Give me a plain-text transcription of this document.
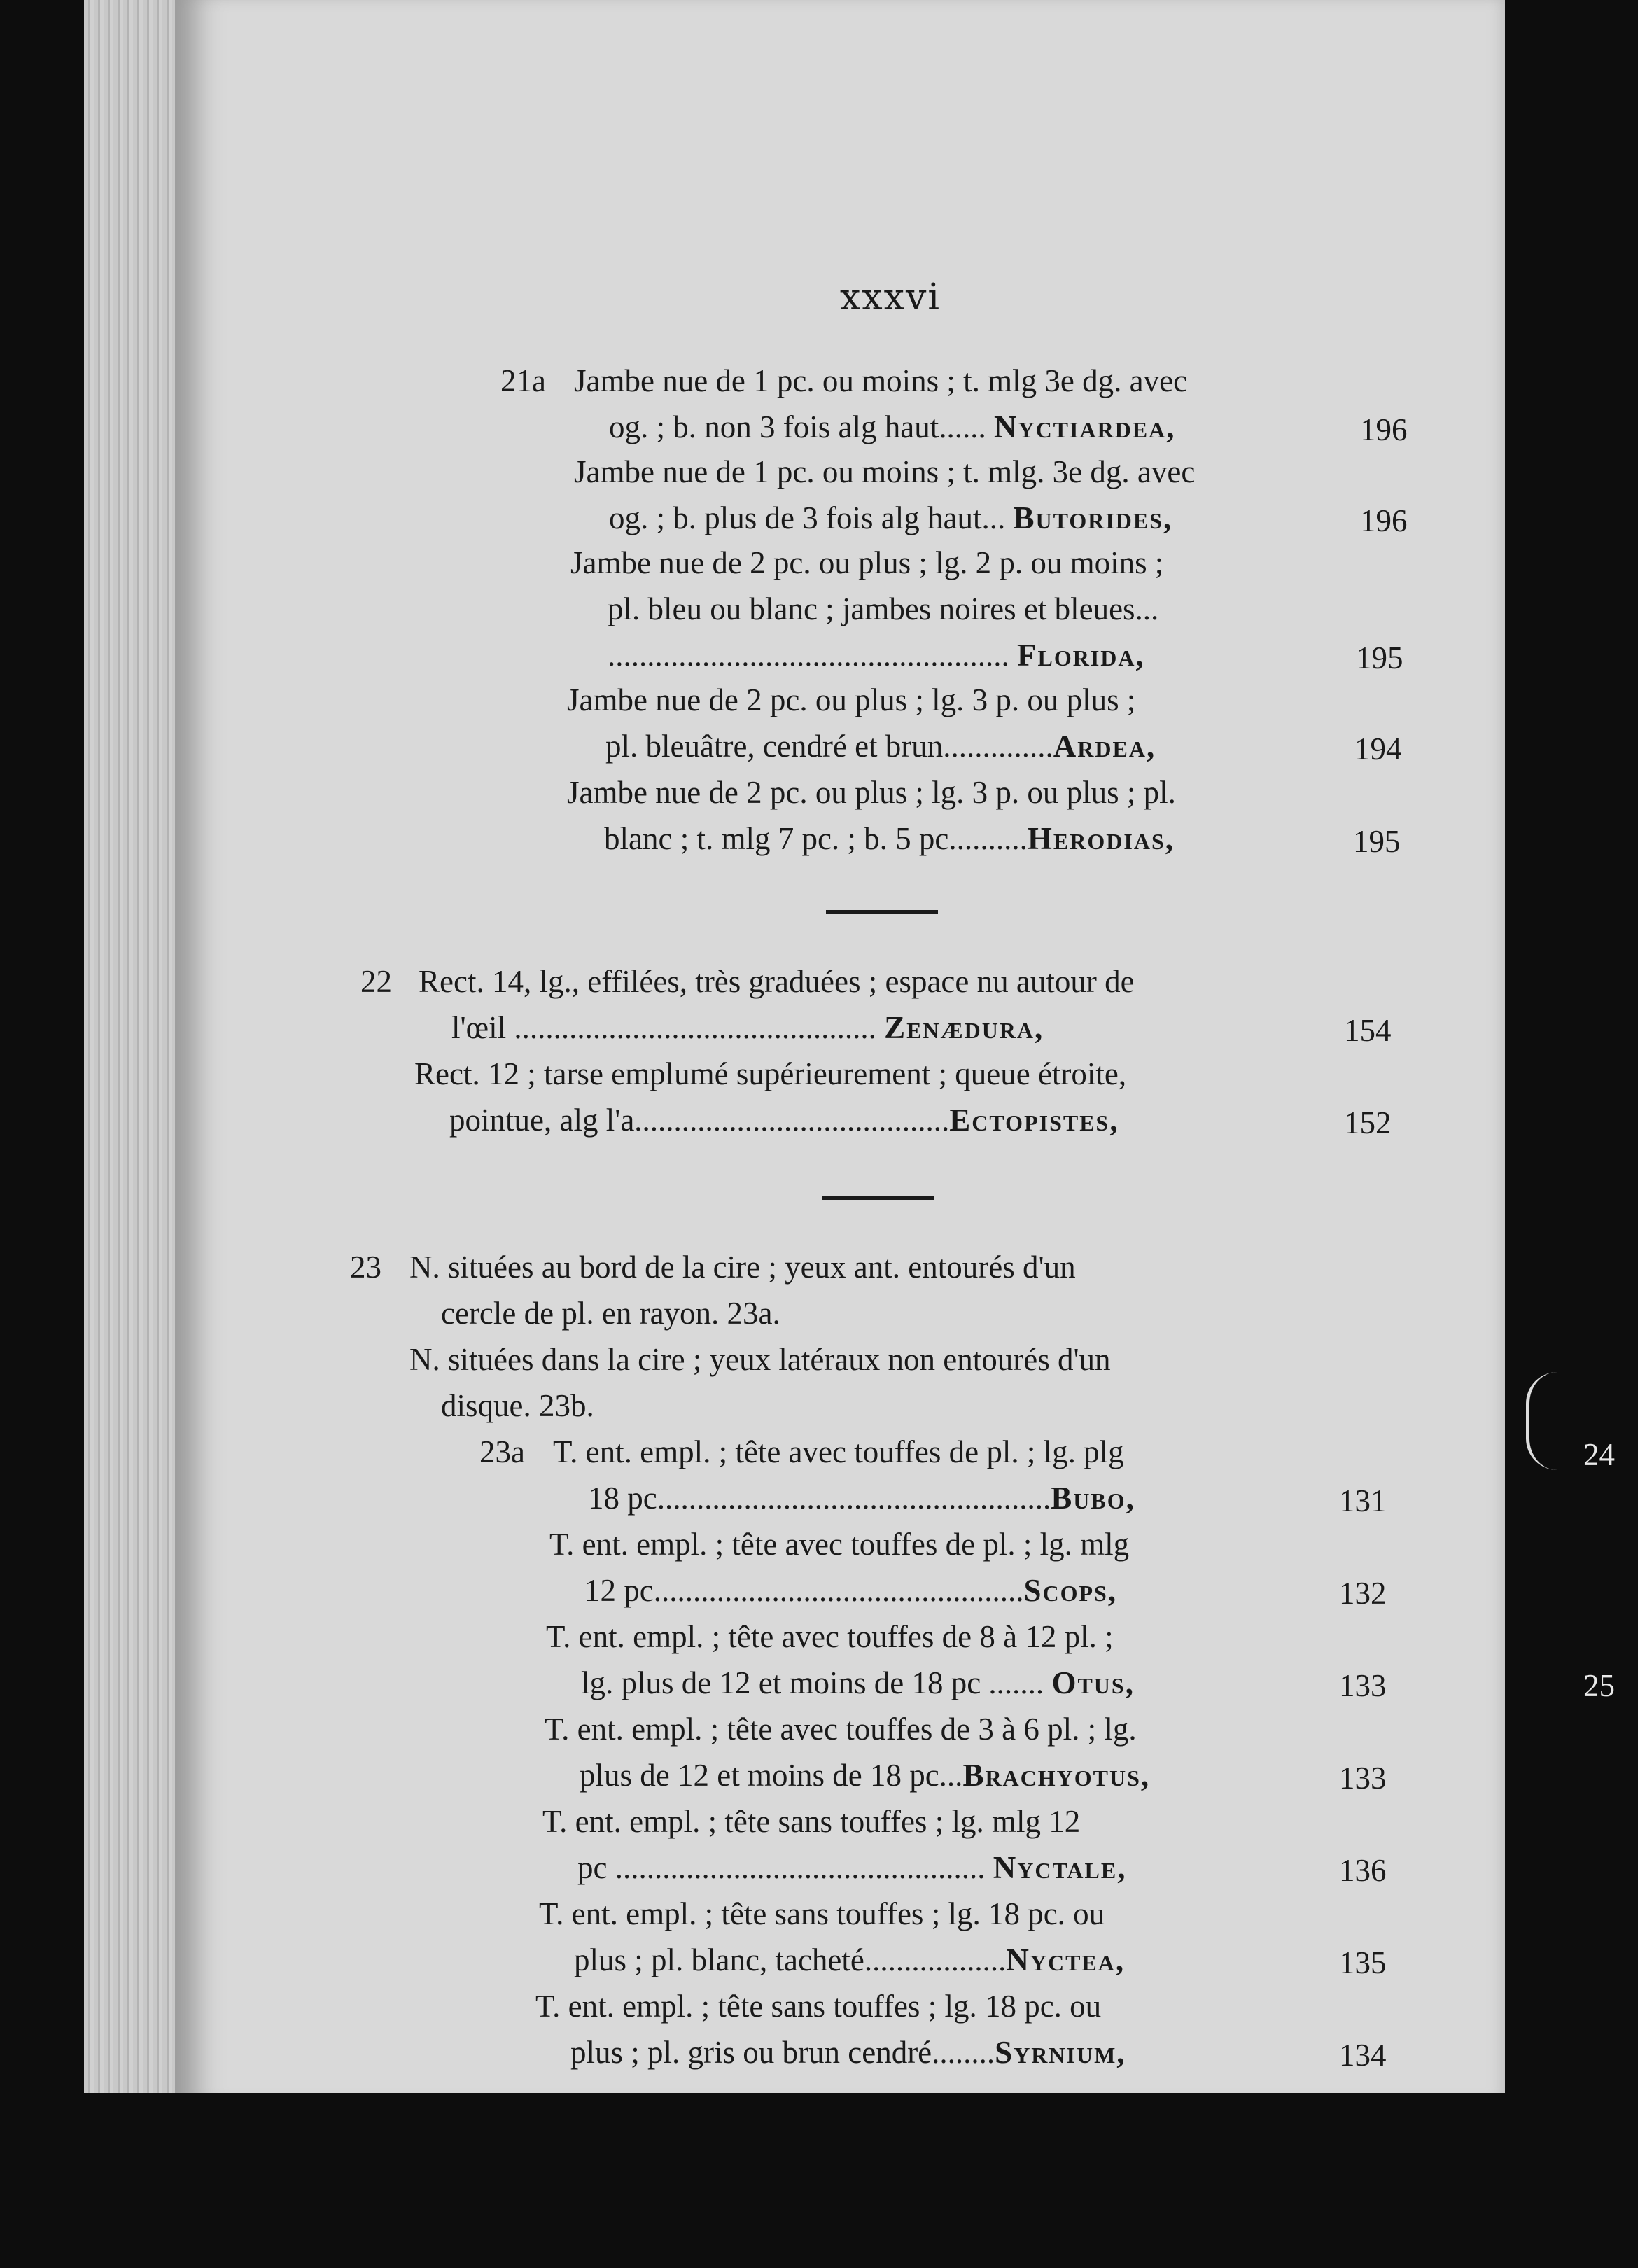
xxxvi
21a Jambe nue de 1 pc. ou moins ; t. mlg 3e dg. avec
og. ; b. non 3 fois alg haut...... Nyctiardea,	196
Jambe nue de 1 pc. ou moins ; t. mlg. 3e dg. avec
og. ; b. plus de 3 fois alg haut... Butorides,	196
Jambe nue de 2 pc. ou plus ; lg. 2 p. ou moins ;
pl. bleu ou blanc ; jambes noires et bleues...
................................................... Florida,	195
Jambe nue de 2 pc. ou plus ; lg. 3 p. ou plus ;
pl. bleuâtre, cendré et brun..............Ardea,	194
Jambe nue de 2 pc. ou plus ; lg. 3 p. ou plus ; pl.
blanc ; t. mlg 7 pc. ; b. 5 pc..........Herodias,	195
22 Rect. 14, lg., effilées, très graduées ; espace nu autour de
l'œil .............................................. Zenædura,	154
Rect. 12 ; tarse emplumé supérieurement ; queue étroite,
pointue, alg l'a........................................Ectopistes,	152
23 N. situées au bord de la cire ; yeux ant. entourés d'un
cercle de pl. en rayon. 23a.
N. situées dans la cire ; yeux latéraux non entourés d'un
disque. 23b.
23a T. ent. empl. ; tête avec touffes de pl. ; lg. plg
18 pc..................................................Bubo,	131
T. ent. empl. ; tête avec touffes de pl. ; lg. mlg
12 pc...............................................Scops,	132
T. ent. empl. ; tête avec touffes de 8 à 12 pl. ;
lg. plus de 12 et moins de 18 pc ....... Otus,	133
T. ent. empl. ; tête avec touffes de 3 à 6 pl. ; lg.
plus de 12 et moins de 18 pc...Brachyotus,	133
T. ent. empl. ; tête sans touffes ; lg. mlg 12
pc ............................................... Nyctale,	136
T. ent. empl. ; tête sans touffes ; lg. 18 pc. ou
plus ; pl. blanc, tacheté..................Nyctea,	135
T. ent. empl. ; tête sans touffes ; lg. 18 pc. ou
plus ; pl. gris ou brun cendré........Syrnium,	134
24
25
